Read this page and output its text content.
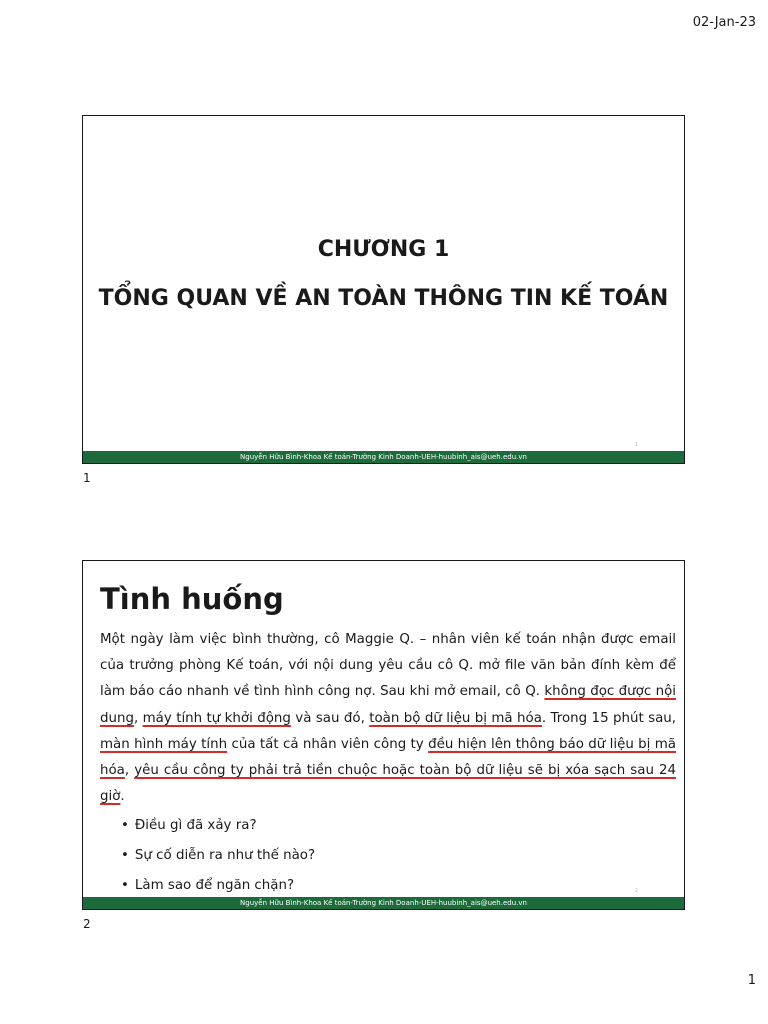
02-Jan-23
CHƯƠNG 1
TỔNG QUAN VỀ AN TOÀN THÔNG TIN KẾ TOÁN
1
Nguyễn Hữu Bình-Khoa Kế toán-Trường Kinh Doanh-UEH-huubinh_ais@ueh.edu.vn
1
Tình huống
Một ngày làm việc bình thường, cô Maggie Q. – nhân viên kế toán nhận được email của trưởng phòng Kế toán, với nội dung yêu cầu cô Q. mở file văn bản đính kèm để làm báo cáo nhanh về tình hình công nợ. Sau khi mở email, cô Q. không đọc được nội dung, máy tính tự khởi động và sau đó, toàn bộ dữ liệu bị mã hóa. Trong 15 phút sau, màn hình máy tính của tất cả nhân viên công ty đều hiện lên thông báo dữ liệu bị mã hóa, yêu cầu công ty phải trả tiền chuộc hoặc toàn bộ dữ liệu sẽ bị xóa sạch sau 24 giờ.
• Điều gì đã xảy ra?
• Sự cố diễn ra như thế nào?
• Làm sao để ngăn chặn?	2
Nguyễn Hữu Bình-Khoa Kế toán-Trường Kinh Doanh-UEH-huubinh_ais@ueh.edu.vn
2
1
